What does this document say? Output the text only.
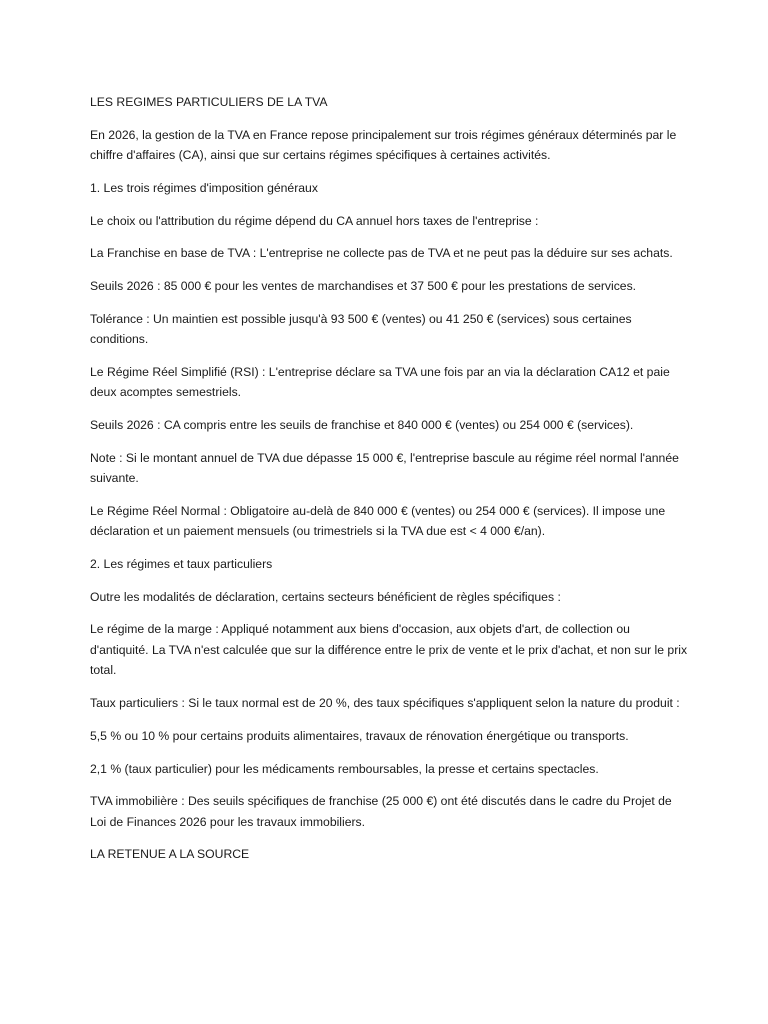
LES REGIMES PARTICULIERS DE LA TVA

En 2026, la gestion de la TVA en France repose principalement sur trois régimes généraux déterminés par le chiffre d'affaires (CA), ainsi que sur certains régimes spécifiques à certaines activités.

1. Les trois régimes d'imposition généraux

Le choix ou l'attribution du régime dépend du CA annuel hors taxes de l'entreprise :

La Franchise en base de TVA : L'entreprise ne collecte pas de TVA et ne peut pas la déduire sur ses achats.

Seuils 2026 : 85 000 € pour les ventes de marchandises et 37 500 € pour les prestations de services.

Tolérance : Un maintien est possible jusqu'à 93 500 € (ventes) ou 41 250 € (services) sous certaines conditions.

Le Régime Réel Simplifié (RSI) : L'entreprise déclare sa TVA une fois par an via la déclaration CA12 et paie deux acomptes semestriels.

Seuils 2026 : CA compris entre les seuils de franchise et 840 000 € (ventes) ou 254 000 € (services).

Note : Si le montant annuel de TVA due dépasse 15 000 €, l'entreprise bascule au régime réel normal l'année suivante.

Le Régime Réel Normal : Obligatoire au-delà de 840 000 € (ventes) ou 254 000 € (services). Il impose une déclaration et un paiement mensuels (ou trimestriels si la TVA due est < 4 000 €/an).

2. Les régimes et taux particuliers

Outre les modalités de déclaration, certains secteurs bénéficient de règles spécifiques :

Le régime de la marge : Appliqué notamment aux biens d'occasion, aux objets d'art, de collection ou d'antiquité. La TVA n'est calculée que sur la différence entre le prix de vente et le prix d'achat, et non sur le prix total.

Taux particuliers : Si le taux normal est de 20 %, des taux spécifiques s'appliquent selon la nature du produit :

5,5 % ou 10 % pour certains produits alimentaires, travaux de rénovation énergétique ou transports.

2,1 % (taux particulier) pour les médicaments remboursables, la presse et certains spectacles.

TVA immobilière : Des seuils spécifiques de franchise (25 000 €) ont été discutés dans le cadre du Projet de Loi de Finances 2026 pour les travaux immobiliers.

LA RETENUE A LA SOURCE
